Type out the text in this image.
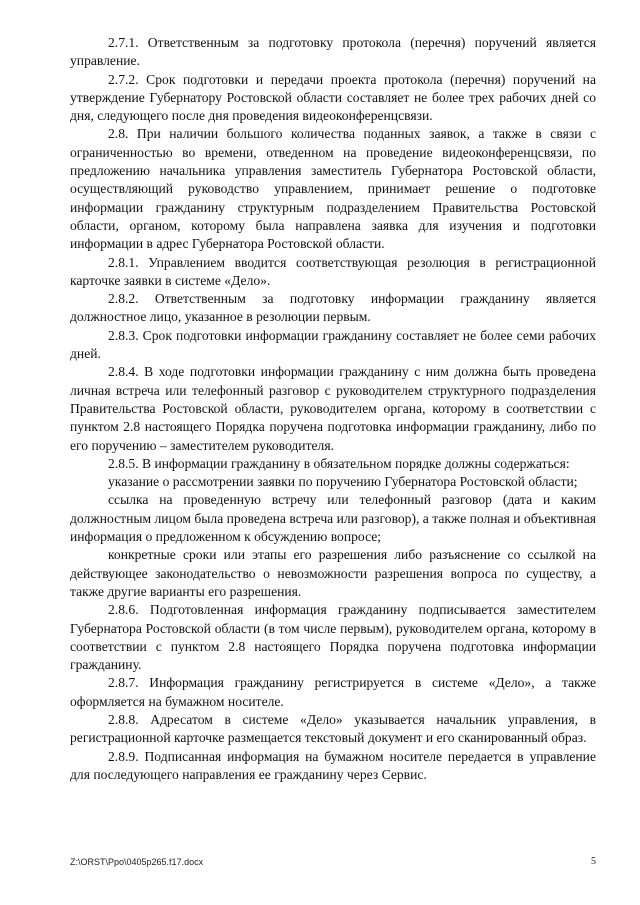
2.7.1. Ответственным за подготовку протокола (перечня) поручений является управление.

2.7.2. Срок подготовки и передачи проекта протокола (перечня) поручений на утверждение Губернатору Ростовской области составляет не более трех рабочих дней со дня, следующего после дня проведения видеоконференцсвязи.

2.8. При наличии большого количества поданных заявок, а также в связи с ограниченностью во времени, отведенном на проведение видеоконференцсвязи, по предложению начальника управления заместитель Губернатора Ростовской области, осуществляющий руководство управлением, принимает решение о подготовке информации гражданину структурным подразделением Правительства Ростовской области, органом, которому была направлена заявка для изучения и подготовки информации в адрес Губернатора Ростовской области.

2.8.1. Управлением вводится соответствующая резолюция в регистрационной карточке заявки в системе «Дело».

2.8.2. Ответственным за подготовку информации гражданину является должностное лицо, указанное в резолюции первым.

2.8.3. Срок подготовки информации гражданину составляет не более семи рабочих дней.

2.8.4. В ходе подготовки информации гражданину с ним должна быть проведена личная встреча или телефонный разговор с руководителем структурного подразделения Правительства Ростовской области, руководителем органа, которому в соответствии с пунктом 2.8 настоящего Порядка поручена подготовка информации гражданину, либо по его поручению – заместителем руководителя.

2.8.5. В информации гражданину в обязательном порядке должны содержаться:

указание о рассмотрении заявки по поручению Губернатора Ростовской области;

ссылка на проведенную встречу или телефонный разговор (дата и каким должностным лицом была проведена встреча или разговор), а также полная и объективная информация о предложенном к обсуждению вопросе;

конкретные сроки или этапы его разрешения либо разъяснение со ссылкой на действующее законодательство о невозможности разрешения вопроса по существу, а также другие варианты его разрешения.

2.8.6. Подготовленная информация гражданину подписывается заместителем Губернатора Ростовской области (в том числе первым), руководителем органа, которому в соответствии с пунктом 2.8 настоящего Порядка поручена подготовка информации гражданину.

2.8.7. Информация гражданину регистрируется в системе «Дело», а также оформляется на бумажном носителе.

2.8.8. Адресатом в системе «Дело» указывается начальник управления, в регистрационной карточке размещается текстовый документ и его сканированный образ.

2.8.9. Подписанная информация на бумажном носителе передается в управление для последующего направления ее гражданину через Сервис.

Z:\ORST\Ppo\0405p265.f17.docx	5
